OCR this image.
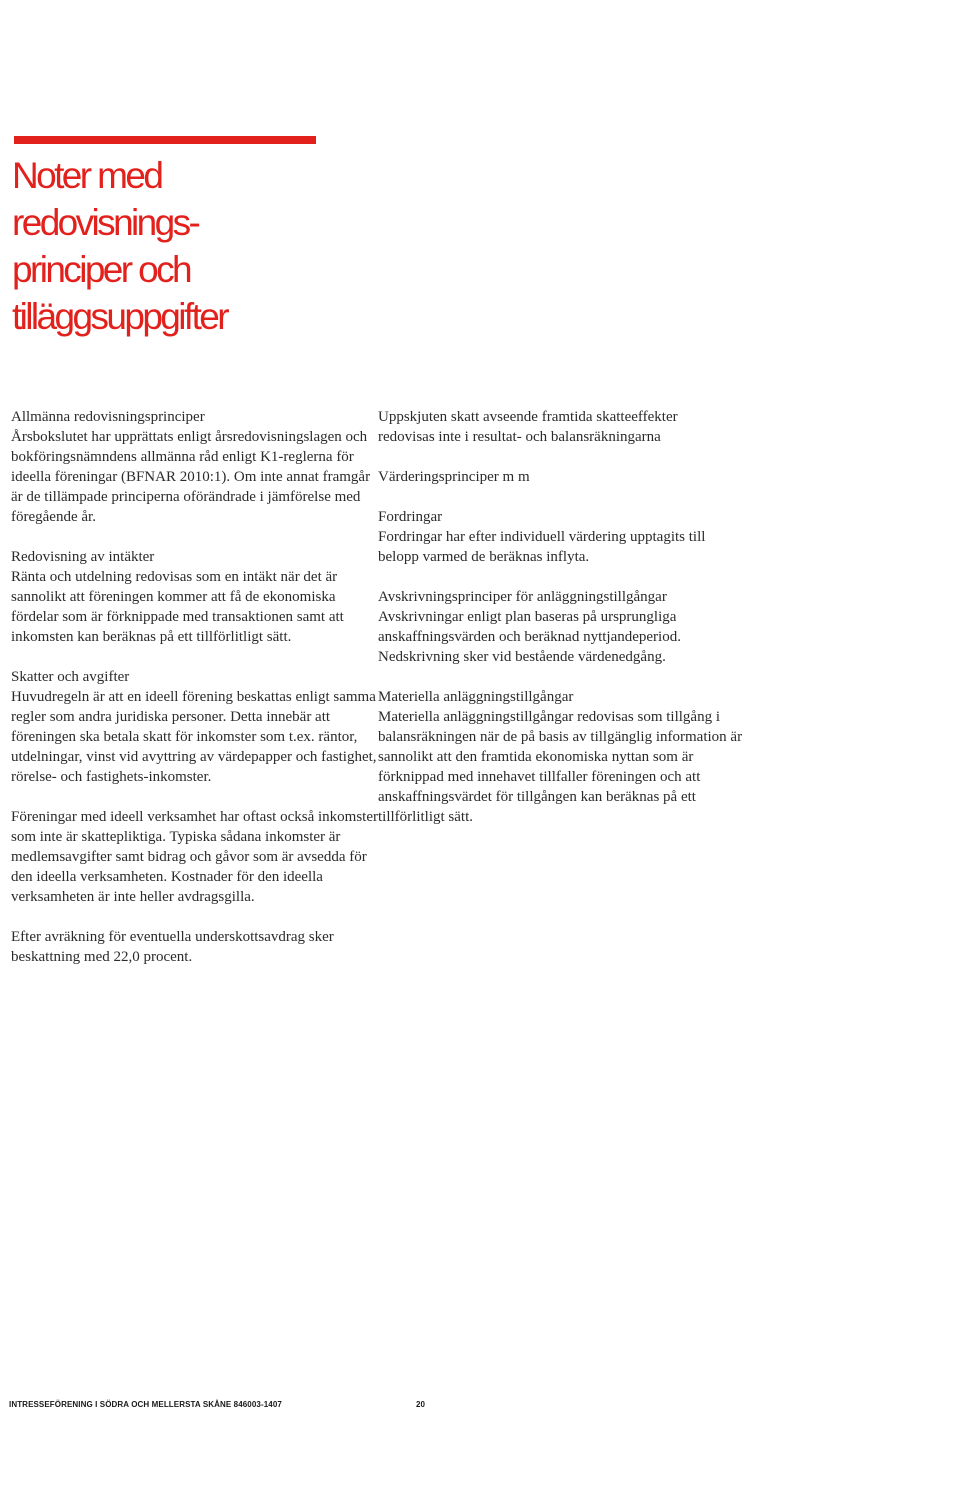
Noter med
redovisnings-
principer och
tilläggsuppgifter
Allmänna redovisningsprinciper

Årsbokslutet har upprättats enligt årsredovisningslagen och bokföringsnämndens allmänna råd enligt K1-reglerna för ideella föreningar (BFNAR 2010:1). Om inte annat framgår är de tillämpade principerna oförändrade i jämförelse med föregående år.

Redovisning av intäkter

Ränta och utdelning redovisas som en intäkt när det är sannolikt att föreningen kommer att få de ekonomiska fördelar som är förknippade med transaktionen samt att inkomsten kan beräknas på ett tillförlitligt sätt.

Skatter och avgifter

Huvudregeln är att en ideell förening beskattas enligt samma regler som andra juridiska personer. Detta innebär att föreningen ska betala skatt för inkomster som t.ex. räntor, utdelningar, vinst vid avyttring av värdepapper och fastighet, rörelse- och fastighets-inkomster.

Föreningar med ideell verksamhet har oftast också inkomster som inte är skattepliktiga. Typiska sådana inkomster är medlemsavgifter samt bidrag och gåvor som är avsedda för den ideella verksamheten. Kostnader för den ideella verksamheten är inte heller avdragsgilla.

Efter avräkning för eventuella underskottsavdrag sker beskattning med 22,0 procent.

Uppskjuten skatt avseende framtida skatteeffekter

redovisas inte i resultat- och balansräkningarna

Värderingsprinciper m m
Fordringar

Fordringar har efter individuell värdering upptagits till belopp varmed de beräknas inflyta.

Avskrivningsprinciper för anläggningstillgångar

Avskrivningar enligt plan baseras på ursprungliga anskaffningsvärden och beräknad nyttjandeperiod. Nedskrivning sker vid bestående värdenedgång.

Materiella anläggningstillgångar

Materiella anläggningstillgångar redovisas som tillgång i balansräkningen när de på basis av tillgänglig information är sannolikt att den framtida ekonomiska nyttan som är förknippad med innehavet tillfaller föreningen och att anskaffningsvärdet för tillgången kan beräknas på ett tillförlitligt sätt.

INTRESSEFÖRENING I SÖDRA OCH MELLERSTA SKÅNE 846003-1407	20
